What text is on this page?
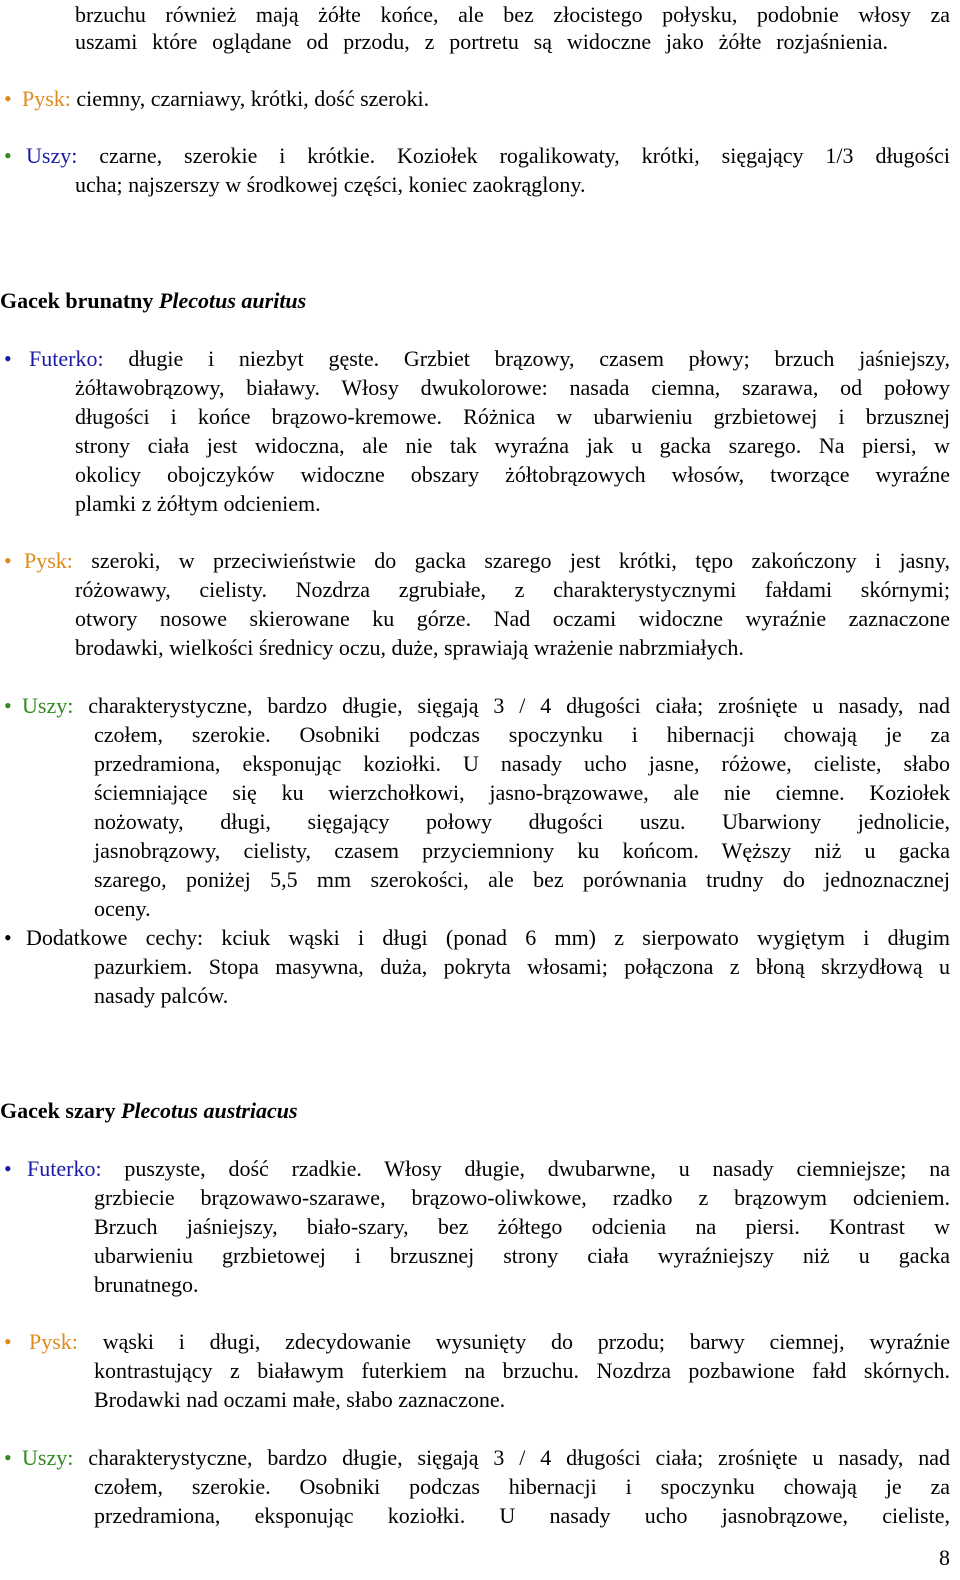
brzuchu również mają żółte końce, ale bez złocistego połysku, podobnie włosy za
uszami które oglądane od przodu, z portretu są widoczne jako żółte rozjaśnienia.
• Pysk: ciemny, czarniawy, krótki, dość szeroki.
• Uszy: czarne, szerokie i krótkie. Koziołek rogalikowaty, krótki, sięgający 1/3 długości
ucha; najszerszy w środkowej części, koniec zaokrąglony.
Gacek brunatny Plecotus auritus
• Futerko: długie i niezbyt gęste. Grzbiet brązowy, czasem płowy; brzuch jaśniejszy,
żółtawobrązowy, białawy. Włosy dwukolorowe: nasada ciemna, szarawa, od połowy
długości i końce brązowo-kremowe. Różnica w ubarwieniu grzbietowej i brzusznej
strony ciała jest widoczna, ale nie tak wyraźna jak u gacka szarego. Na piersi, w
okolicy obojczyków widoczne obszary żółtobrązowych włosów, tworzące wyraźne
plamki z żółtym odcieniem.
• Pysk: szeroki, w przeciwieństwie do gacka szarego jest krótki, tępo zakończony i jasny,
różowawy, cielisty. Nozdrza zgrubiałe, z charakterystycznymi fałdami skórnymi;
otwory nosowe skierowane ku górze. Nad oczami widoczne wyraźnie zaznaczone
brodawki, wielkości średnicy oczu, duże, sprawiają wrażenie nabrzmiałych.
• Uszy: charakterystyczne, bardzo długie, sięgają 3 / 4 długości ciała; zrośnięte u nasady, nad
czołem, szerokie. Osobniki podczas spoczynku i hibernacji chowają je za
przedramiona, eksponując koziołki. U nasady ucho jasne, różowe, cieliste, słabo
ściemniające się ku wierzchołkowi, jasno-brązowawe, ale nie ciemne. Koziołek
nożowaty, długi, sięgający połowy długości uszu. Ubarwiony jednolicie,
jasnobrązowy, cielisty, czasem przyciemniony ku końcom. Węższy niż u gacka
szarego, poniżej 5,5 mm szerokości, ale bez porównania trudny do jednoznacznej
oceny.
• Dodatkowe cechy: kciuk wąski i długi (ponad 6 mm) z sierpowato wygiętym i długim
pazurkiem. Stopa masywna, duża, pokryta włosami; połączona z błoną skrzydłową u
nasady palców.
Gacek szary Plecotus austriacus
• Futerko: puszyste, dość rzadkie. Włosy długie, dwubarwne, u nasady ciemniejsze; na
grzbiecie brązowawo-szarawe, brązowo-oliwkowe, rzadko z brązowym odcieniem.
Brzuch jaśniejszy, biało-szary, bez żółtego odcienia na piersi. Kontrast w
ubarwieniu grzbietowej i brzusznej strony ciała wyraźniejszy niż u gacka
brunatnego.
• Pysk: wąski i długi, zdecydowanie wysunięty do przodu; barwy ciemnej, wyraźnie
kontrastujący z białawym futerkiem na brzuchu. Nozdrza pozbawione fałd skórnych.
Brodawki nad oczami małe, słabo zaznaczone.
• Uszy: charakterystyczne, bardzo długie, sięgają 3 / 4 długości ciała; zrośnięte u nasady, nad
czołem, szerokie. Osobniki podczas hibernacji i spoczynku chowają je za
przedramiona, eksponując koziołki. U nasady ucho jasnobrązowe, cieliste,
8
